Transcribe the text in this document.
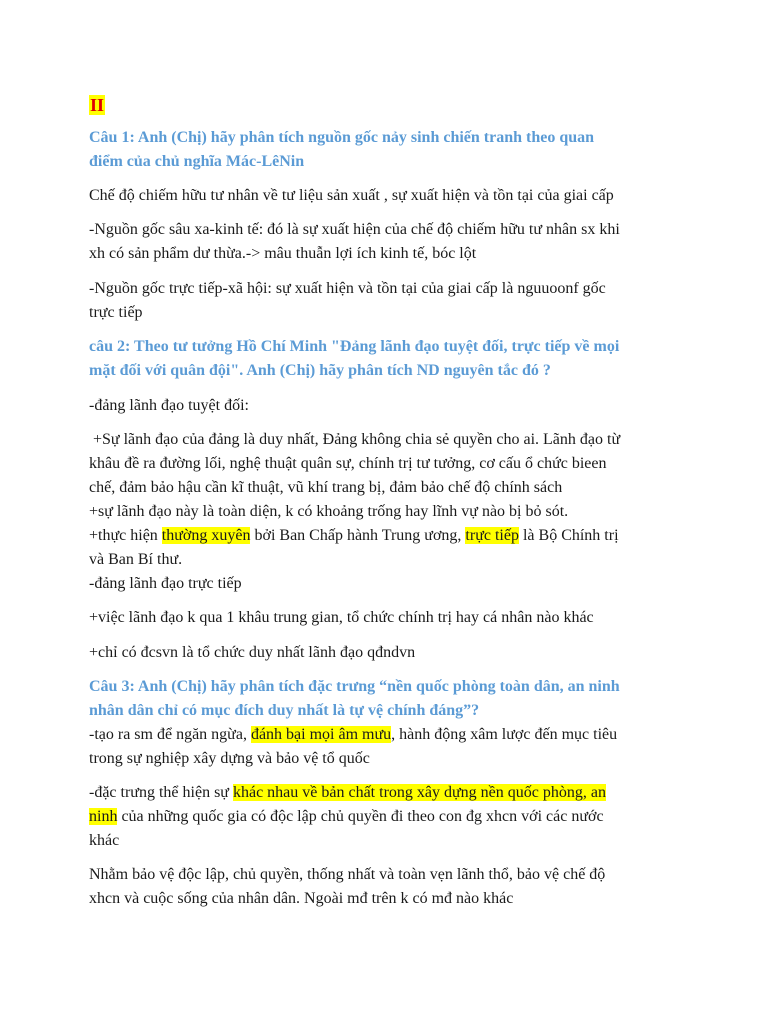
II
Câu 1: Anh (Chị) hãy phân tích nguồn gốc nảy sinh chiến tranh theo quan
điểm của chủ nghĩa Mác-LêNin
Chế độ chiếm hữu tư nhân về tư liệu sản xuất , sự xuất hiện và tồn tại của giai cấp
-Nguồn gốc sâu xa-kinh tế: đó là sự xuất hiện của chế độ chiếm hữu tư nhân sx khi
xh có sản phẩm dư thừa.-> mâu thuẫn lợi ích kinh tế, bóc lột
-Nguồn gốc trực tiếp-xã hội: sự xuất hiện và tồn tại của giai cấp là nguuoonf gốc
trực tiếp
câu 2: Theo tư tưởng Hồ Chí Minh "Đảng lãnh đạo tuyệt đối, trực tiếp về mọi
mặt đối với quân đội". Anh (Chị) hãy phân tích ND nguyên tắc đó ?
-đảng lãnh đạo tuyệt đối:
+Sự lãnh đạo của đảng là duy nhất, Đảng không chia sẻ quyền cho ai. Lãnh đạo từ
khâu đề ra đường lối, nghệ thuật quân sự, chính trị tư tưởng, cơ cấu ổ chức bieen
chế, đảm bảo hậu cần kĩ thuật, vũ khí trang bị, đảm bảo chế độ chính sách
+sự lãnh đạo này là toàn diện, k có khoảng trống hay lĩnh vự nào bị bỏ sót.
+thực hiện thường xuyên bởi Ban Chấp hành Trung ương, trực tiếp là Bộ Chính trị
và Ban Bí thư.
-đảng lãnh đạo trực tiếp
+việc lãnh đạo k qua 1 khâu trung gian, tổ chức chính trị hay cá nhân nào khác
+chỉ có đcsvn là tổ chức duy nhất lãnh đạo qđndvn
Câu 3: Anh (Chị) hãy phân tích đặc trưng “nền quốc phòng toàn dân, an ninh
nhân dân chỉ có mục đích duy nhất là tự vệ chính đáng”?
-tạo ra sm để ngăn ngừa, đánh bại mọi âm mưu, hành động xâm lược đến mục tiêu
trong sự nghiệp xây dựng và bảo vệ tổ quốc
-đặc trưng thể hiện sự khác nhau về bản chất trong xây dựng nền quốc phòng, an
ninh của những quốc gia có độc lập chủ quyền đi theo con đg xhcn với các nước
khác
Nhằm bảo vệ độc lập, chủ quyền, thống nhất và toàn vẹn lãnh thổ, bảo vệ chế độ
xhcn và cuộc sống của nhân dân. Ngoài mđ trên k có mđ nào khác
